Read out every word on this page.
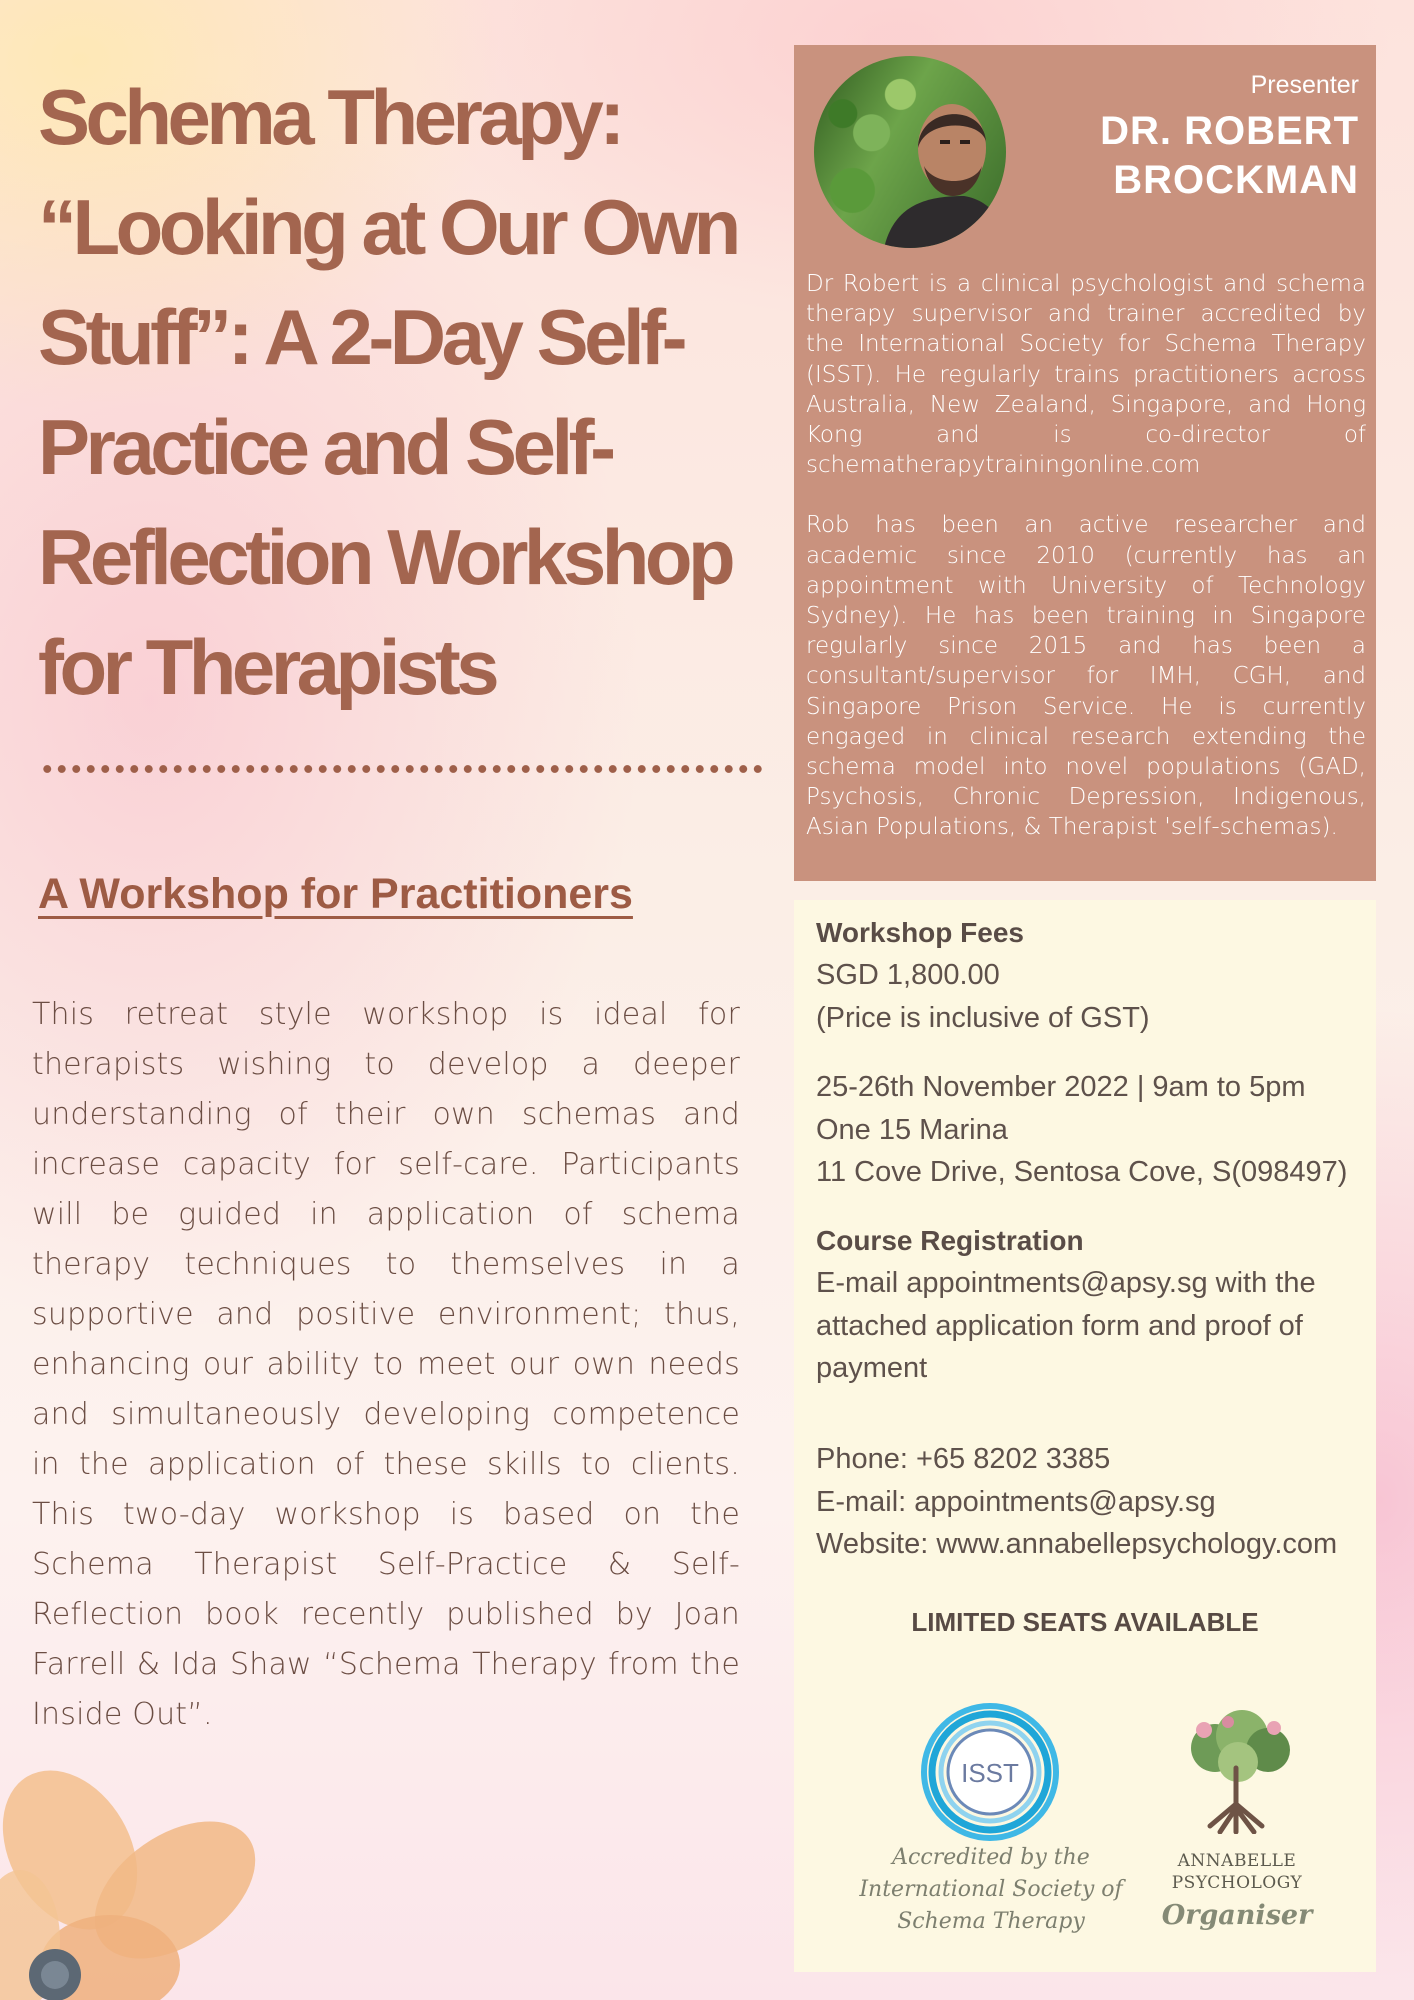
Schema Therapy:
“Looking at Our Own
Stuff”: A 2-Day Self-
Practice and Self-
Reflection Workshop
for Therapists
A Workshop for Practitioners

This retreat style workshop is ideal for therapists wishing to develop a deeper understanding of their own schemas and increase capacity for self-care. Participants will be guided in application of schema therapy techniques to themselves in a supportive and positive environment; thus, enhancing our ability to meet our own needs and simultaneously developing competence in the application of these skills to clients. This two-day workshop is based on the Schema Therapist Self-Practice & Self-Reflection book recently published by Joan Farrell & Ida Shaw “Schema Therapy from the Inside Out”.

Presenter
DR. ROBERT
BROCKMAN

Dr Robert is a clinical psychologist and schema therapy supervisor and trainer accredited by the International Society for Schema Therapy (ISST). He regularly trains practitioners across Australia, New Zealand, Singapore, and Hong Kong and is co-director of schematherapytrainingonline.com

Rob has been an active researcher and academic since 2010 (currently has an appointment with University of Technology Sydney). He has been training in Singapore regularly since 2015 and has been a consultant/supervisor for IMH, CGH, and Singapore Prison Service. He is currently engaged in clinical research extending the schema model into novel populations (GAD, Psychosis, Chronic Depression, Indigenous, Asian Populations, & Therapist 'self-schemas).

Workshop Fees
SGD 1,800.00
(Price is inclusive of GST)
25-26th November 2022 | 9am to 5pm
One 15 Marina
11 Cove Drive, Sentosa Cove, S(098497)
Course Registration
E-mail appointments@apsy.sg with the
attached application form and proof of
payment
Phone: +65 8202 3385
E-mail: appointments@apsy.sg
Website: www.annabellepsychology.com
LIMITED SEATS AVAILABLE
ISST
Accredited by the
International Society of
Schema Therapy
ANNABELLE
PSYCHOLOGY
Organiser
